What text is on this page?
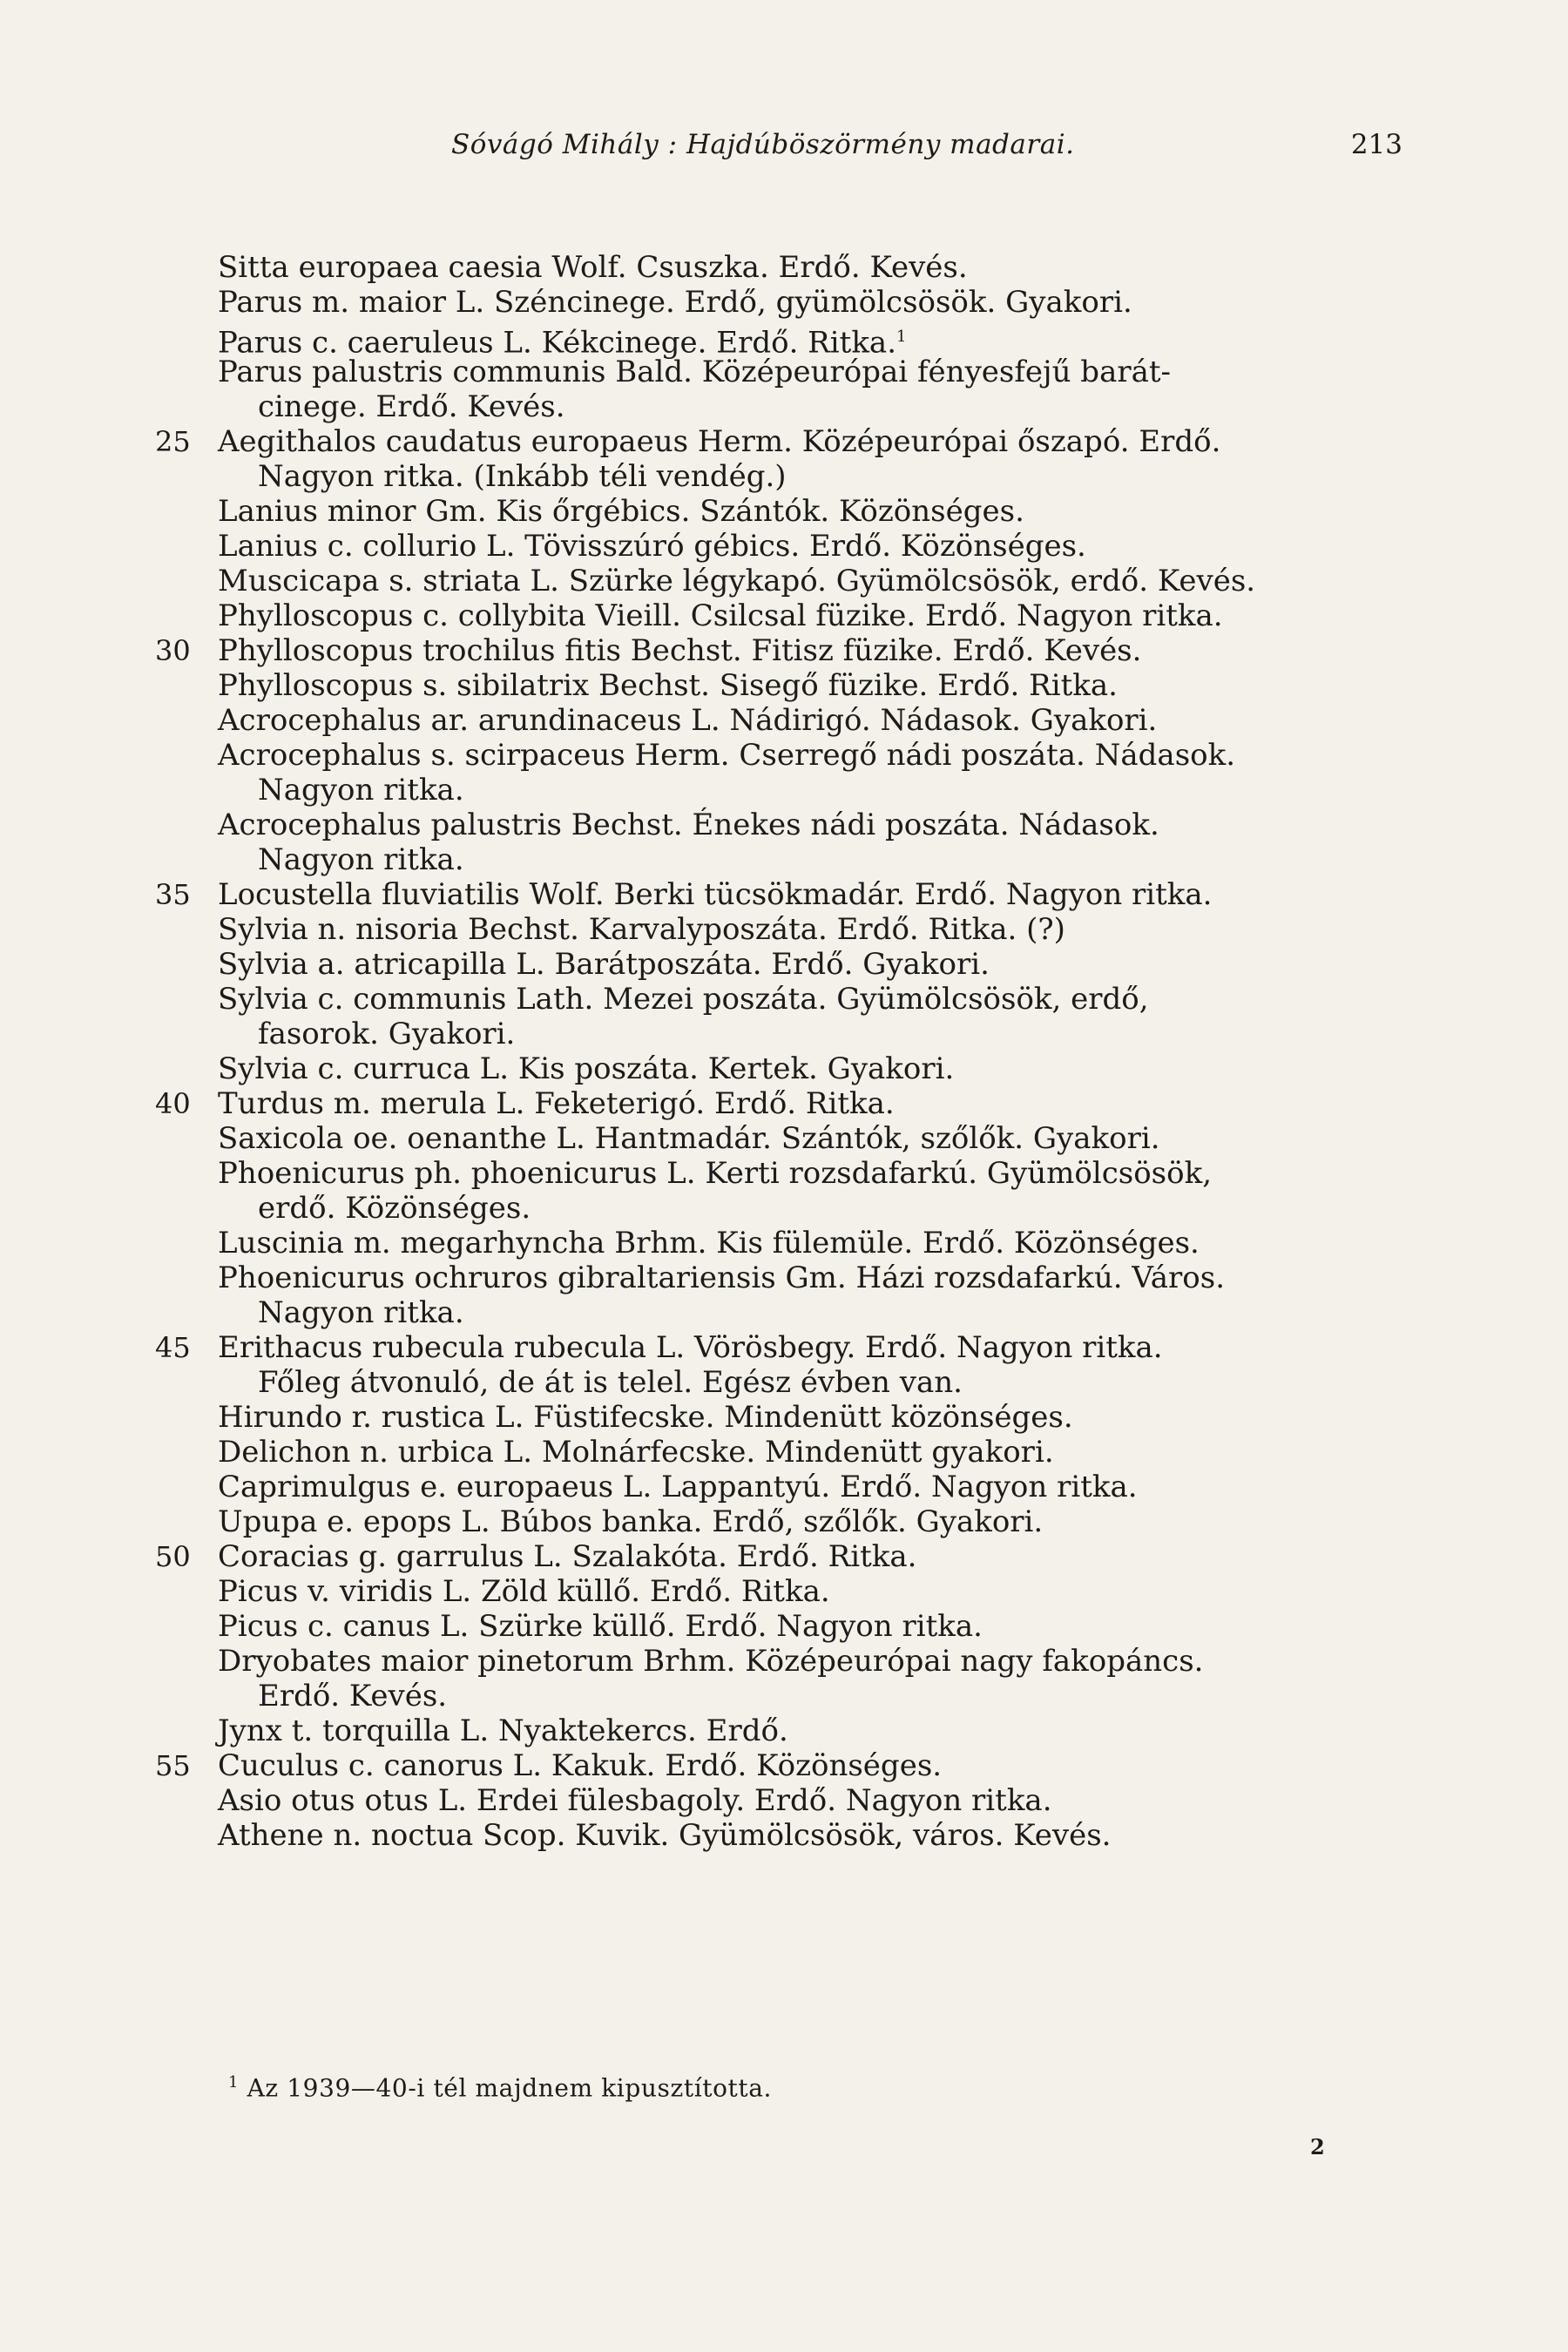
Sóvágó Mihály : Hajdúböszörmény madarai.	213
Sitta europaea caesia Wolf. Csuszka. Erdő. Kevés.
Parus m. maior L. Széncinege. Erdő, gyümölcsösök. Gyakori.
Parus c. caeruleus L. Kékcinege. Erdő. Ritka.$^1$
Parus palustris communis Bald. Középeurópai fényesfejű barát-
cinege. Erdő. Kevés.
25 Aegithalos caudatus europaeus Herm. Középeurópai őszapó. Erdő.
Nagyon ritka. (Inkább téli vendég.)
Lanius minor Gm. Kis őrgébics. Szántók. Közönséges.
Lanius c. collurio L. Tövisszúró gébics. Erdő. Közönséges.
Muscicapa s. striata L. Szürke légykapó. Gyümölcsösök, erdő. Kevés.
Phylloscopus c. collybita Vieill. Csilcsal füzike. Erdő. Nagyon ritka.
30 Phylloscopus trochilus fitis Bechst. Fitisz füzike. Erdő. Kevés.
Phylloscopus s. sibilatrix Bechst. Sisegő füzike. Erdő. Ritka.
Acrocephalus ar. arundinaceus L. Nádirigó. Nádasok. Gyakori.
Acrocephalus s. scirpaceus Herm. Cserregő nádi poszáta. Nádasok.
Nagyon ritka.
Acrocephalus palustris Bechst. Énekes nádi poszáta. Nádasok.
Nagyon ritka.
35 Locustella fluviatilis Wolf. Berki tücsökmadár. Erdő. Nagyon ritka.
Sylvia n. nisoria Bechst. Karvalyposzáta. Erdő. Ritka. (?)
Sylvia a. atricapilla L. Barátposzáta. Erdő. Gyakori.
Sylvia c. communis Lath. Mezei poszáta. Gyümölcsösök, erdő,
fasorok. Gyakori.
Sylvia c. curruca L. Kis poszáta. Kertek. Gyakori.
40 Turdus m. merula L. Feketerigó. Erdő. Ritka.
Saxicola oe. oenanthe L. Hantmadár. Szántók, szőlők. Gyakori.
Phoenicurus ph. phoenicurus L. Kerti rozsdafarkú. Gyümölcsösök,
erdő. Közönséges.
Luscinia m. megarhyncha Brhm. Kis fülemüle. Erdő. Közönséges.
Phoenicurus ochruros gibraltariensis Gm. Házi rozsdafarkú. Város.
Nagyon ritka.
45 Erithacus rubecula rubecula L. Vörösbegy. Erdő. Nagyon ritka.
Főleg átvonuló, de át is telel. Egész évben van.
Hirundo r. rustica L. Füstifecske. Mindenütt közönséges.
Delichon n. urbica L. Molnárfecske. Mindenütt gyakori.
Caprimulgus e. europaeus L. Lappantyú. Erdő. Nagyon ritka.
Upupa e. epops L. Búbos banka. Erdő, szőlők. Gyakori.
50 Coracias g. garrulus L. Szalakóta. Erdő. Ritka.
Picus v. viridis L. Zöld küllő. Erdő. Ritka.
Picus c. canus L. Szürke küllő. Erdő. Nagyon ritka.
Dryobates maior pinetorum Brhm. Középeurópai nagy fakopáncs.
Erdő. Kevés.
Jynx t. torquilla L. Nyaktekercs. Erdő.
55 Cuculus c. canorus L. Kakuk. Erdő. Közönséges.
Asio otus otus L. Erdei fülesbagoly. Erdő. Nagyon ritka.
Athene n. noctua Scop. Kuvik. Gyümölcsösök, város. Kevés.
$^1$ Az 1939—40-i tél majdnem kipusztította.
2
